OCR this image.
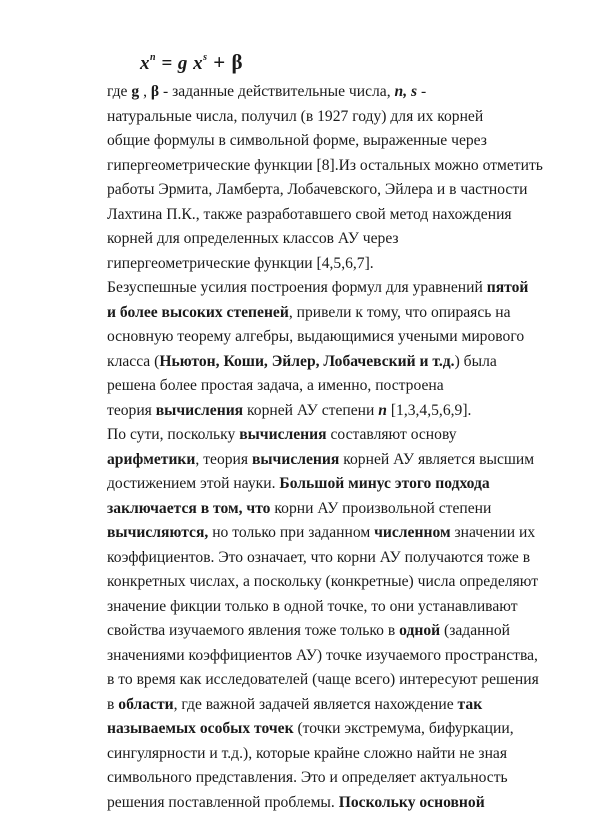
$x^n = g$ $x^s + \beta$
где g , β - заданные действительные числа, n, s -
натуральные числа, получил (в 1927 году) для их корней
общие формулы в символьной форме, выраженные через
гипергеометрические функции [8].Из остальных можно отметить
работы Эрмита, Ламберта, Лобачевского, Эйлера и в частности
Лахтина П.К., также разработавшего свой метод нахождения
корней для определенных классов АУ через
гипергеометрические функции [4,5,6,7].
Безуспешные усилия построения формул для уравнений пятой
и более высоких степеней, привели к тому, что опираясь на
основную теорему алгебры, выдающимися учеными мирового
класса (Ньютон, Коши, Эйлер, Лобачевский и т.д.) была
решена более простая задача, а именно, построена
теория вычисления корней АУ степени n [1,3,4,5,6,9].
По сути, поскольку вычисления составляют основу
арифметики, теория вычисления корней АУ является высшим
достижением этой науки. Большой минус этого подхода
заключается в том, что корни АУ произвольной степени
вычисляются, но только при заданном численном значении их
коэффициентов. Это означает, что корни АУ получаются тоже в
конкретных числах, а поскольку (конкретные) числа определяют
значение фикции только в одной точке, то они устанавливают
свойства изучаемого явления тоже только в одной (заданной
значениями коэффициентов АУ) точке изучаемого пространства,
в то время как исследователей (чаще всего) интересуют решения
в области, где важной задачей является нахождение так
называемых особых точек (точки экстремума, бифуркации,
сингулярности и т.д.), которые крайне сложно найти не зная
символьного представления. Это и определяет актуальность
решения поставленной проблемы. Поскольку основной
